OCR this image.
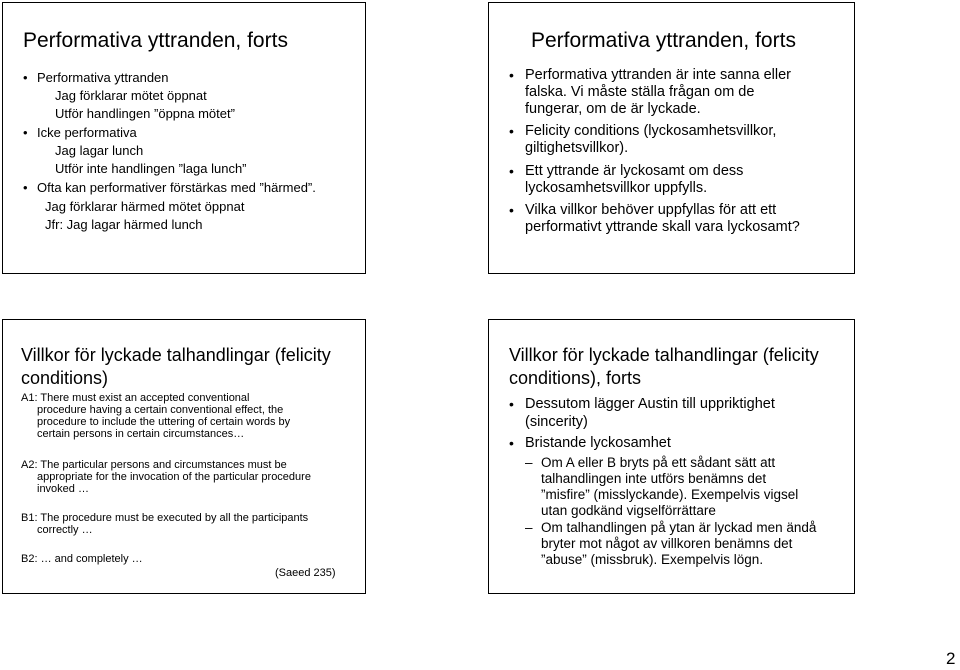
Performativa yttranden, forts
• Performativa yttranden
Jag förklarar mötet öppnat
Utför handlingen ”öppna mötet”
• Icke performativa
Jag lagar lunch
Utför inte handlingen ”laga lunch”
• Ofta kan performativer förstärkas med ”härmed”.
Jag förklarar härmed mötet öppnat
Jfr: Jag lagar härmed lunch
Performativa yttranden, forts
• Performativa yttranden är inte sanna eller
falska. Vi måste ställa frågan om de
fungerar, om de är lyckade.
• Felicity conditions (lyckosamhetsvillkor,
giltighetsvillkor).
• Ett yttrande är lyckosamt om dess
lyckosamhetsvillkor uppfylls.
• Vilka villkor behöver uppfyllas för att ett
performativt yttrande skall vara lyckosamt?
Villkor för lyckade talhandlingar (felicity conditions)
A1: There must exist an accepted conventional
procedure having a certain conventional effect, the
procedure to include the uttering of certain words by
certain persons in certain circumstances…
A2: The particular persons and circumstances must be
appropriate for the invocation of the particular procedure
invoked …
B1: The procedure must be executed by all the participants
correctly …
B2: … and completely …
(Saeed 235)
Villkor för lyckade talhandlingar (felicity conditions), forts
• Dessutom lägger Austin till uppriktighet
(sincerity)
• Bristande lyckosamhet
– Om A eller B bryts på ett sådant sätt att
talhandlingen inte utförs benämns det
”misfire” (misslyckande). Exempelvis vigsel
utan godkänd vigselförrättare
– Om talhandlingen på ytan är lyckad men ändå
bryter mot något av villkoren benämns det
”abuse” (missbruk). Exempelvis lögn.
2
